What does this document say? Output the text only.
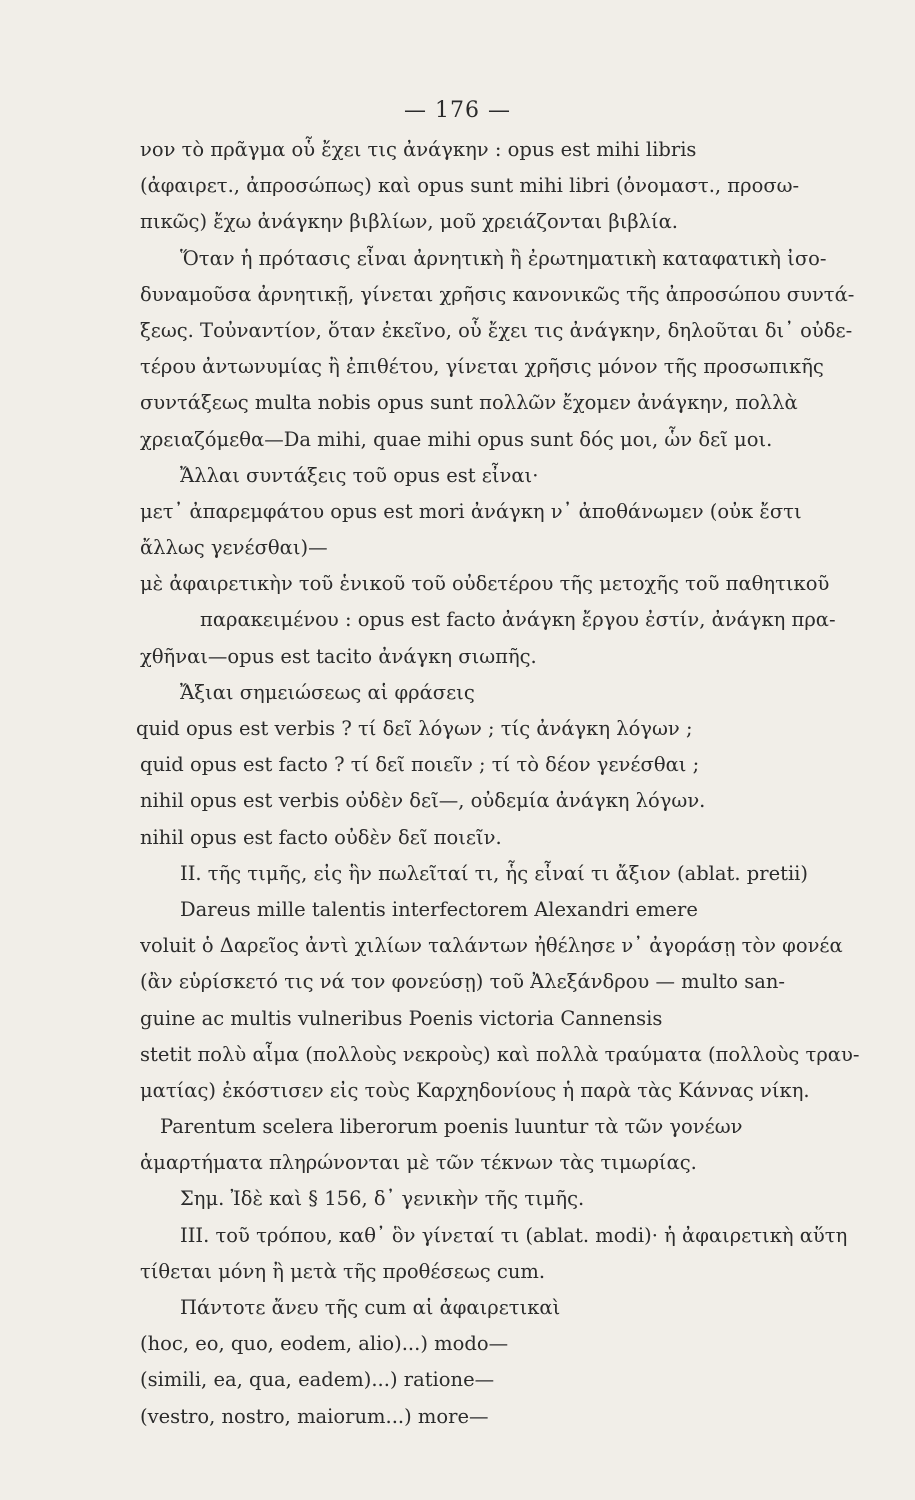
— 176 —
νον τὸ πρᾶγμα οὗ ἔχει τις ἀνάγκην : opus est mihi libris
(ἀφαιρετ., ἀπροσώπως) καὶ opus sunt mihi libri (ὀνομαστ., προσω-
πικῶς) ἔχω ἀνάγκην βιβλίων, μοῦ χρειάζονται βιβλία.
Ὅταν ἡ πρότασις εἶναι ἀρνητικὴ ἢ ἐρωτηματικὴ καταφατικὴ ἰσο-
δυναμοῦσα ἀρνητικῇ, γίνεται χρῆσις κανονικῶς τῆς ἀπροσώπου συντά-
ξεως. Τοὐναντίον, ὅταν ἐκεῖνο, οὗ ἔχει τις ἀνάγκην, δηλοῦται δι᾽ οὐδε-
τέρου ἀντωνυμίας ἢ ἐπιθέτου, γίνεται χρῆσις μόνον τῆς προσωπικῆς
συντάξεως multa nobis opus sunt πολλῶν ἔχομεν ἀνάγκην, πολλὰ
χρειαζόμεθα—Da mihi, quae mihi opus sunt δός μοι, ὧν δεῖ μοι.
Ἄλλαι συντάξεις τοῦ opus est εἶναι·
μετ᾽ ἀπαρεμφάτου opus est mori ἀνάγκη ν᾽ ἀποθάνωμεν (οὐκ ἔστι
ἄλλως γενέσθαι)—
μὲ ἀφαιρετικὴν τοῦ ἑνικοῦ τοῦ οὐδετέρου τῆς μετοχῆς τοῦ παθητικοῦ
παρακειμένου : opus est facto ἀνάγκη ἔργου ἐστίν, ἀνάγκη πρα-
χθῆναι—opus est tacito ἀνάγκη σιωπῆς.
Ἄξιαι σημειώσεως αἱ φράσεις
quid opus est verbis ? τί δεῖ λόγων ; τίς ἀνάγκη λόγων ;
quid opus est facto ? τί δεῖ ποιεῖν ; τί τὸ δέον γενέσθαι ;
nihil opus est verbis οὐδὲν δεῖ—, οὐδεμία ἀνάγκη λόγων.
nihil opus est facto οὐδὲν δεῖ ποιεῖν.
II. τῆς τιμῆς, εἰς ἣν πωλεῖταί τι, ἧς εἶναί τι ἄξιον (ablat. pretii)
Dareus mille talentis interfectorem Alexandri emere
voluit ὁ Δαρεῖος ἀντὶ χιλίων ταλάντων ἠθέλησε ν᾽ ἀγοράσῃ τὸν φονέα
(ἂν εὑρίσκετό τις νά τον φονεύσῃ) τοῦ Ἀλεξάνδρου — multo san-
guine ac multis vulneribus Poenis victoria Cannensis
stetit πολὺ αἷμα (πολλοὺς νεκροὺς) καὶ πολλὰ τραύματα (πολλοὺς τραυ-
ματίας) ἐκόστισεν εἰς τοὺς Καρχηδονίους ἡ παρὰ τὰς Κάννας νίκη.
Parentum scelera liberorum poenis luuntur τὰ τῶν γονέων
ἁμαρτήματα πληρώνονται μὲ τῶν τέκνων τὰς τιμωρίας.
Σημ. Ἰδὲ καὶ § 156, δ᾽ γενικὴν τῆς τιμῆς.
III. τοῦ τρόπου, καθ᾽ ὃν γίνεταί τι (ablat. modi)· ἡ ἀφαιρετικὴ αὕτη
τίθεται μόνη ἢ μετὰ τῆς προθέσεως cum.
Πάντοτε ἄνευ τῆς cum αἱ ἀφαιρετικαὶ
(hoc, eo, quo, eodem, alio)...) modo—
(simili, ea, qua, eadem)...) ratione—
(vestro, nostro, maiorum...) more—
